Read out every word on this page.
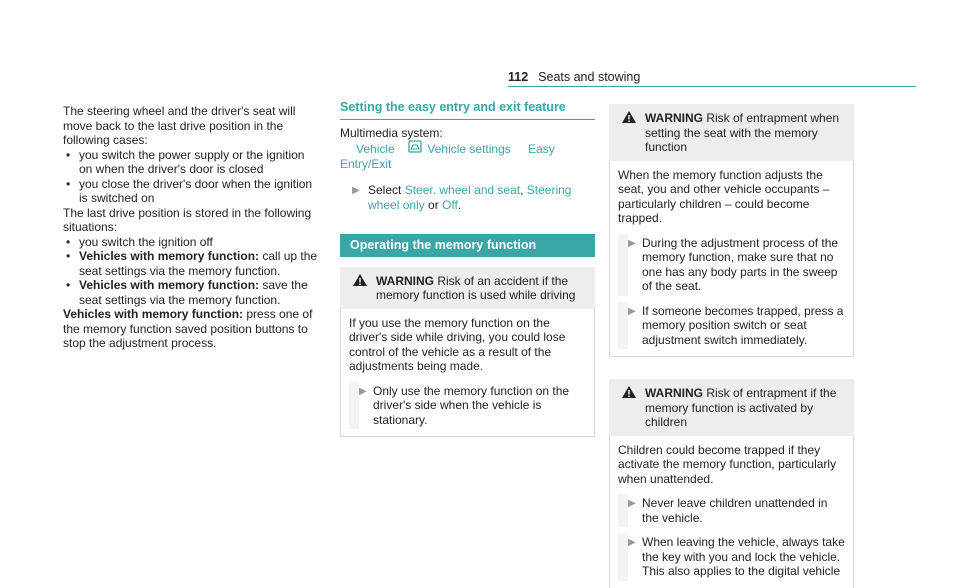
112 Seats and stowing

The steering wheel and the driver's seat will move back to the last drive position in the following cases:

• you switch the power supply or the ignition on when the driver's door is closed
• you close the driver's door when the ignition is switched on

The last drive position is stored in the following situations:

• you switch the ignition off
• Vehicles with memory function: call up the seat settings via the memory function.
• Vehicles with memory function: save the seat settings via the memory function.

Vehicles with memory function: press one of the memory function saved position buttons to stop the adjustment process.

Setting the easy entry and exit feature

Multimedia system:

Vehicle	Vehicle settings Easy Entry/Exit

▶ Select Steer. wheel and seat, Steering wheel only or Off.

Operating the memory function
WARNING Risk of an accident if the memory function is used while driving

If you use the memory function on the driver's side while driving, you could lose control of the vehicle as a result of the adjustments being made.

▶ Only use the memory function on the driver's side when the vehicle is stationary.

WARNING Risk of entrapment when setting the seat with the memory function

When the memory function adjusts the seat, you and other vehicle occupants – particularly children – could become trapped.

▶ During the adjustment process of the memory function, make sure that no one has any body parts in the sweep of the seat.

▶ If someone becomes trapped, press a memory position switch or seat adjustment switch immediately.

WARNING Risk of entrapment if the memory function is activated by children

Children could become trapped if they activate the memory function, particularly when unattended.

▶ Never leave children unattended in the vehicle.

▶ When leaving the vehicle, always take the key with you and lock the vehicle. This also applies to the digital vehicle
